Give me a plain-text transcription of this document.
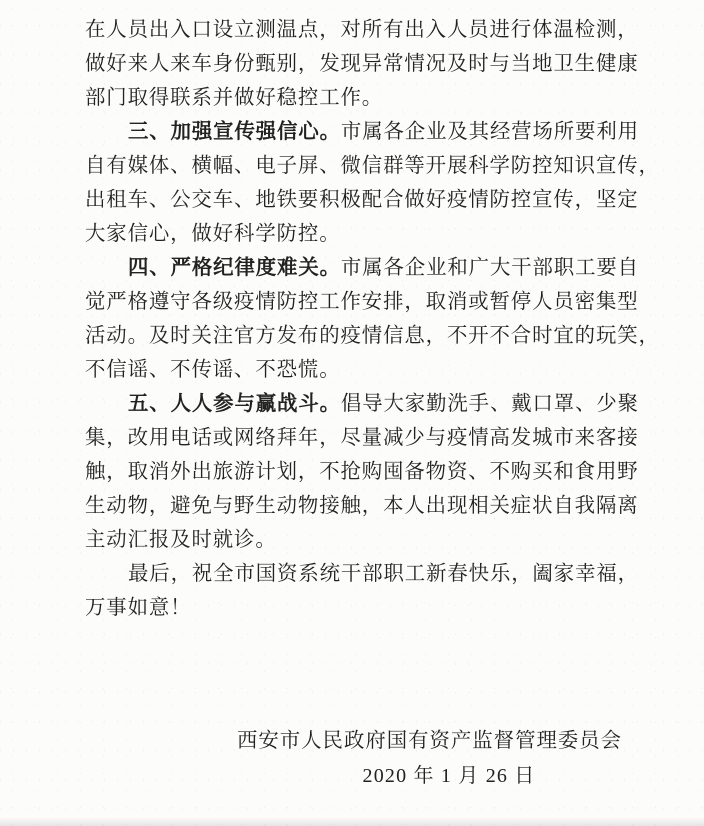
在人员出入口设立测温点，对所有出入人员进行体温检测，
做好来人来车身份甄别，发现异常情况及时与当地卫生健康
部门取得联系并做好稳控工作。
三、加强宣传强信心。市属各企业及其经营场所要利用
自有媒体、横幅、电子屏、微信群等开展科学防控知识宣传，
出租车、公交车、地铁要积极配合做好疫情防控宣传，坚定
大家信心，做好科学防控。
四、严格纪律度难关。市属各企业和广大干部职工要自
觉严格遵守各级疫情防控工作安排，取消或暂停人员密集型
活动。及时关注官方发布的疫情信息，不开不合时宜的玩笑，
不信谣、不传谣、不恐慌。
五、人人参与赢战斗。倡导大家勤洗手、戴口罩、少聚
集，改用电话或网络拜年，尽量减少与疫情高发城市来客接
触，取消外出旅游计划，不抢购囤备物资、不购买和食用野
生动物，避免与野生动物接触，本人出现相关症状自我隔离
主动汇报及时就诊。
最后，祝全市国资系统干部职工新春快乐，阖家幸福，
万事如意！
西安市人民政府国有资产监督管理委员会
2020 年 1 月 26 日
